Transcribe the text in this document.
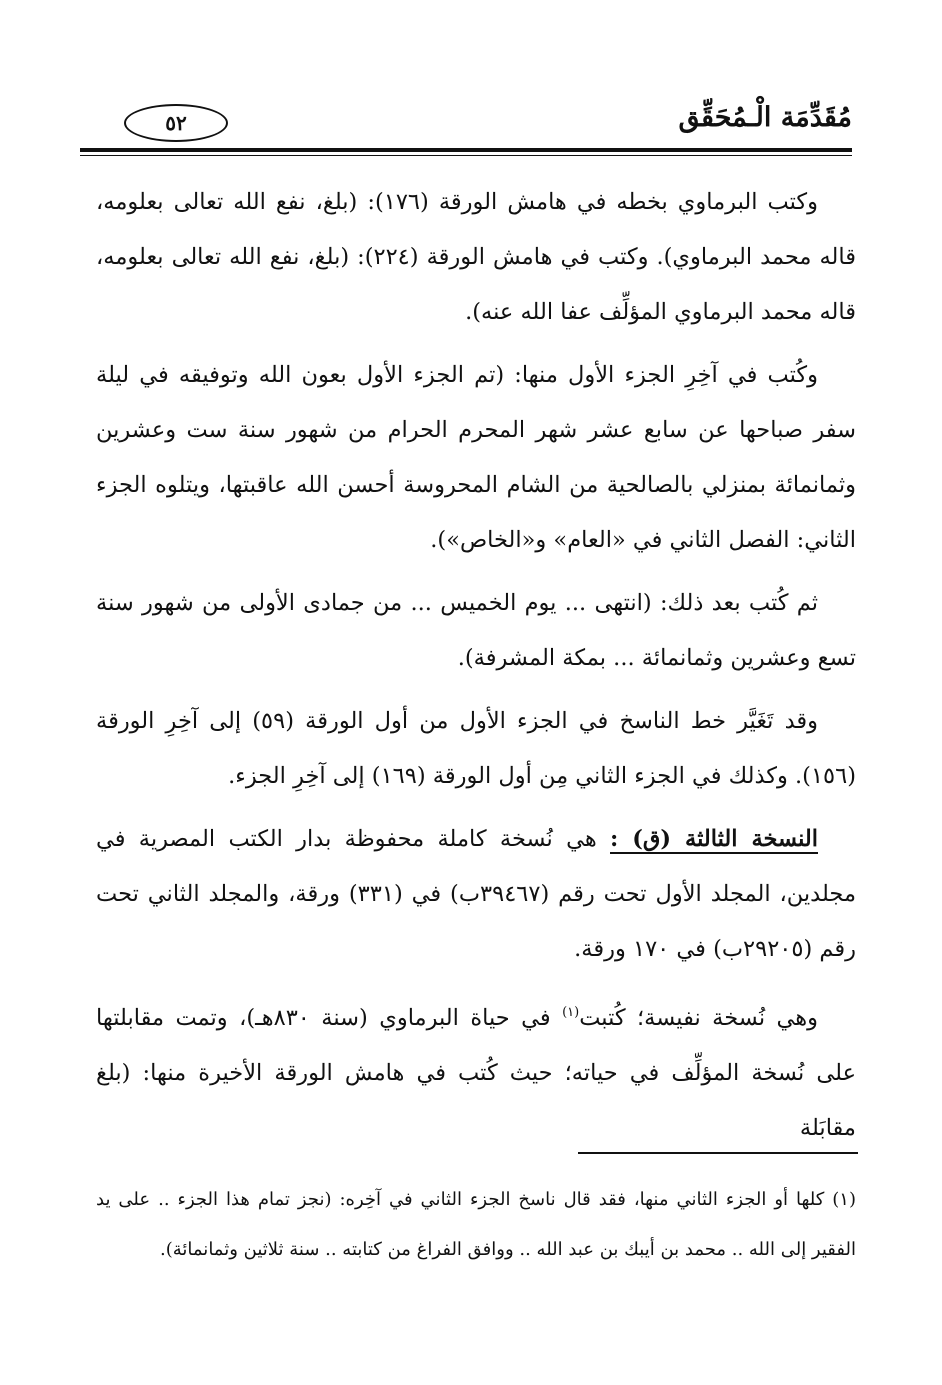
مُقَدِّمَة الْـمُحَقِّق
٥٢

وكتب البرماوي بخطه في هامش الورقة (١٧٦): (بلغ، نفع الله تعالى بعلومه، قاله محمد البرماوي). وكتب في هامش الورقة (٢٢٤): (بلغ، نفع الله تعالى بعلومه، قاله محمد البرماوي المؤلِّف عفا الله عنه).

وكُتب في آخِرِ الجزء الأول منها: (تم الجزء الأول بعون الله وتوفيقه في ليلة سفر صباحها عن سابع عشر شهر المحرم الحرام من شهور سنة ست وعشرين وثمانمائة بمنزلي بالصالحية من الشام المحروسة أحسن الله عاقبتها، ويتلوه الجزء الثاني: الفصل الثاني في «العام» و«الخاص»).

ثم كُتب بعد ذلك: (انتهى ... يوم الخميس ... من جمادى الأولى من شهور سنة تسع وعشرين وثمانمائة ... بمكة المشرفة).

وقد تَغَيَّر خط الناسخ في الجزء الأول من أول الورقة (٥٩) إلى آخِرِ الورقة (١٥٦). وكذلك في الجزء الثاني مِن أول الورقة (١٦٩) إلى آخِرِ الجزء.

النسخة الثالثة (ق) : هي نُسخة كاملة محفوظة بدار الكتب المصرية في مجلدين، المجلد الأول تحت رقم (٣٩٤٦٧ب) في (٣٣١) ورقة، والمجلد الثاني تحت رقم (٢٩٢٠٥ب) في ١٧٠ ورقة.

وهي نُسخة نفيسة؛ كُتبت$^{(١)}$ في حياة البرماوي (سنة ٨٣٠هـ)، وتمت مقابلتها على نُسخة المؤلِّف في حياته؛ حيث كُتب في هامش الورقة الأخيرة منها: (بلغ مقابَلة

(١) كلها أو الجزء الثاني منها، فقد قال ناسخ الجزء الثاني في آخِره: (نجز تمام هذا الجزء .. على يد الفقير إلى الله .. محمد بن أيبك بن عبد الله .. ووافق الفراغ من كتابته .. سنة ثلاثين وثمانمائة).
